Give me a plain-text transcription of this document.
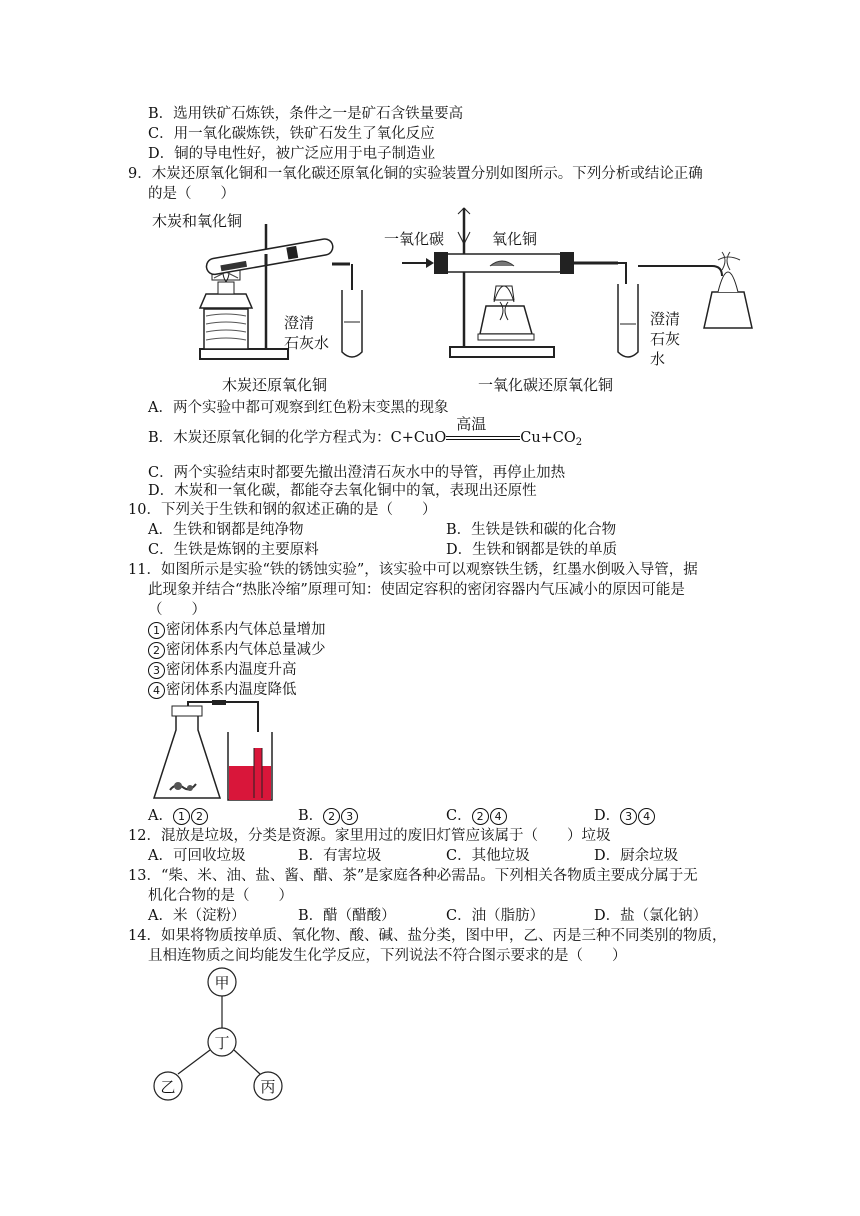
B．选用铁矿石炼铁，条件之一是矿石含铁量要高
C．用一氧化碳炼铁，铁矿石发生了氧化反应
D．铜的导电性好，被广泛应用于电子制造业
9．木炭还原氧化铜和一氧化碳还原氧化铜的实验装置分别如图所示。下列分析或结论正确
的是（　　）
木炭和氧化铜
澄清
石灰水
木炭还原氧化铜
一氧化碳	氧化铜
澄清
石灰
水
一氧化碳还原氧化铜
A．两个实验中都可观察到红色粉末变黑的现象
B．木炭还原氧化铜的化学方程式为：C+CuO
高温
$Cu+CO_2$
C．两个实验结束时都要先撤出澄清石灰水中的导管，再停止加热
D．木炭和一氧化碳，都能夺去氧化铜中的氧，表现出还原性
10．下列关于生铁和钢的叙述正确的是（　　）
A．生铁和钢都是纯净物	B．生铁是铁和碳的化合物
C．生铁是炼钢的主要原料	D．生铁和钢都是铁的单质
11．如图所示是实验“铁的锈蚀实验”，该实验中可以观察铁生锈，红墨水倒吸入导管，据
此现象并结合“热胀冷缩”原理可知：使固定容积的密闭容器内气压减小的原因可能是
（　　）
1 密闭体系内气体总量增加
2 密闭体系内气体总量减少
3 密闭体系内温度升高
4 密闭体系内温度降低
A． 1 2	B． 2 3	C． 2 4	D． 3 4
12．混放是垃圾，分类是资源。家里用过的废旧灯管应该属于（　　）垃圾
A．可回收垃圾	B．有害垃圾	C．其他垃圾	D．厨余垃圾
13．“柴、米、油、盐、酱、醋、茶”是家庭各种必需品。下列相关各物质主要成分属于无
机化合物的是（　　）
A．米（淀粉）	B．醋（醋酸）	C．油（脂肪）	D．盐（氯化钠）
14．如果将物质按单质、氧化物、酸、碱、盐分类，图中甲，乙、丙是三种不同类别的物质，
且相连物质之间均能发生化学反应，下列说法不符合图示要求的是（　　）
甲
丁
乙	丙
